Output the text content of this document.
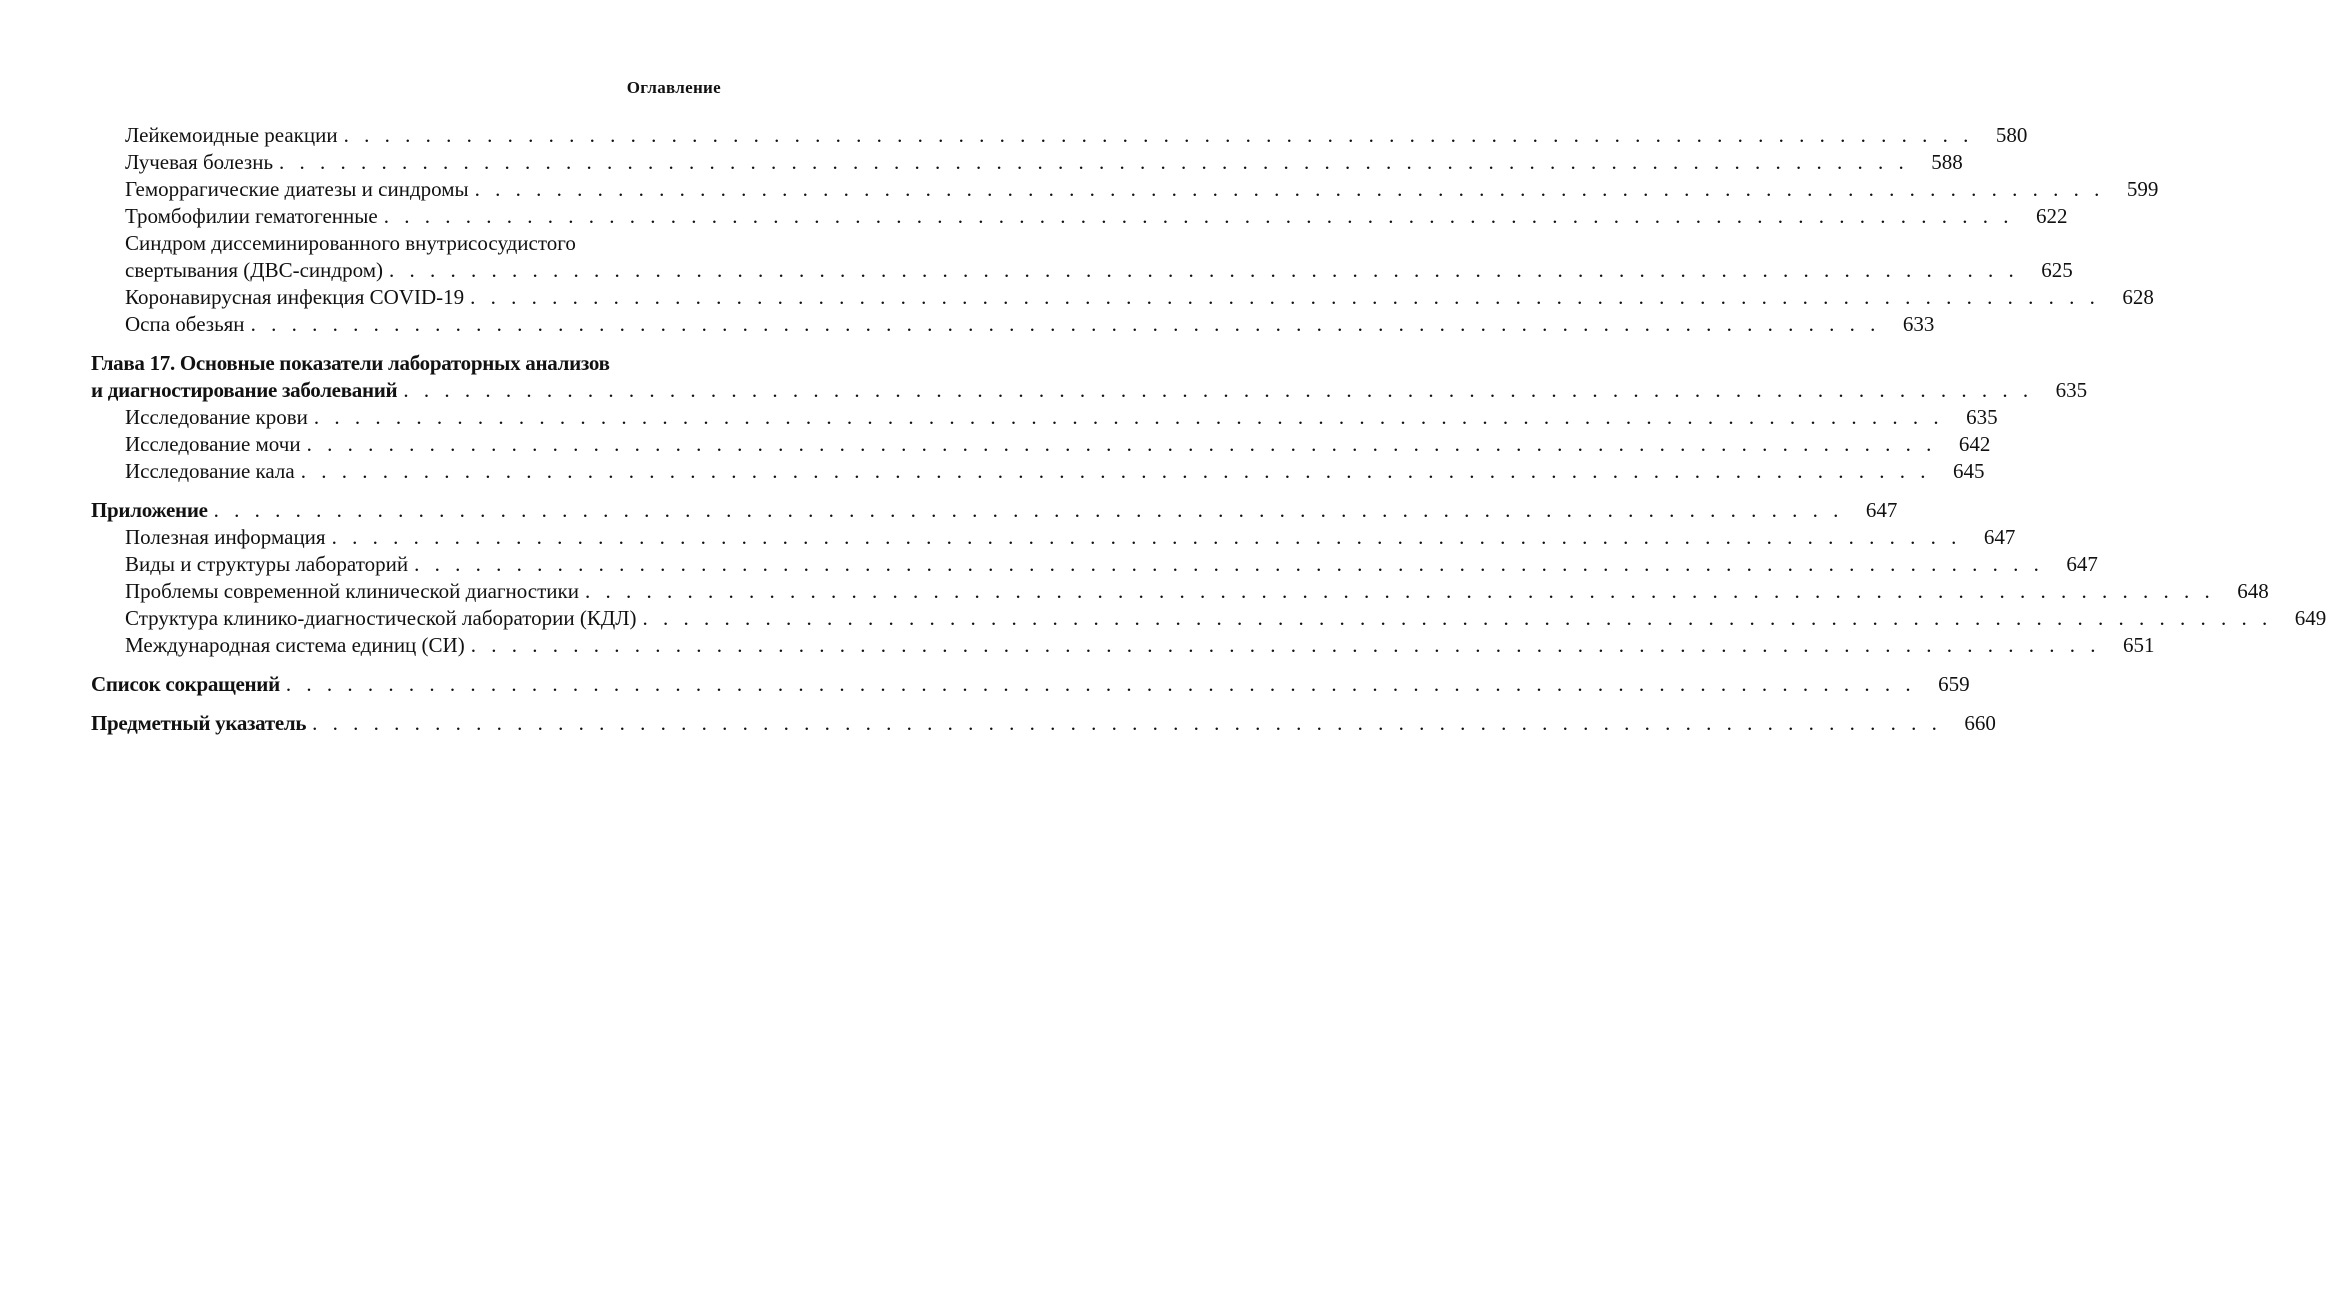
Оглавление
Лейкемоидные реакции . . . . . . . . . . . . . . . . . . . . . . . . . . . . . . . . . . . . . . . . . . . . . . . . . . . . . . . . . . . . . . . . . . . . . . . . . . . . . . . . 580
Лучевая болезнь . . . . . . . . . . . . . . . . . . . . . . . . . . . . . . . . . . . . . . . . . . . . . . . . . . . . . . . . . . . . . . . . . . . . . . . . . . . . . . . . 588
Геморрагические диатезы и синдромы . . . . . . . . . . . . . . . . . . . . . . . . . . . . . . . . . . . . . . . . . . . . . . . . . . . . . . . . . . . . . . . . . . . . . . . . . . . . . . . . 599
Тромбофилии гематогенные . . . . . . . . . . . . . . . . . . . . . . . . . . . . . . . . . . . . . . . . . . . . . . . . . . . . . . . . . . . . . . . . . . . . . . . . . . . . . . . . 622
Синдром диссеминированного внутрисосудистого
свертывания (ДВС-синдром) . . . . . . . . . . . . . . . . . . . . . . . . . . . . . . . . . . . . . . . . . . . . . . . . . . . . . . . . . . . . . . . . . . . . . . . . . . . . . . . . 625
Коронавирусная инфекция COVID-19 . . . . . . . . . . . . . . . . . . . . . . . . . . . . . . . . . . . . . . . . . . . . . . . . . . . . . . . . . . . . . . . . . . . . . . . . . . . . . . . . 628
Оспа обезьян . . . . . . . . . . . . . . . . . . . . . . . . . . . . . . . . . . . . . . . . . . . . . . . . . . . . . . . . . . . . . . . . . . . . . . . . . . . . . . . . 633
Глава 17. Основные показатели лабораторных анализов
и диагностирование заболеваний . . . . . . . . . . . . . . . . . . . . . . . . . . . . . . . . . . . . . . . . . . . . . . . . . . . . . . . . . . . . . . . . . . . . . . . . . . . . . . . . 635
Исследование крови . . . . . . . . . . . . . . . . . . . . . . . . . . . . . . . . . . . . . . . . . . . . . . . . . . . . . . . . . . . . . . . . . . . . . . . . . . . . . . . . 635
Исследование мочи . . . . . . . . . . . . . . . . . . . . . . . . . . . . . . . . . . . . . . . . . . . . . . . . . . . . . . . . . . . . . . . . . . . . . . . . . . . . . . . . 642
Исследование кала . . . . . . . . . . . . . . . . . . . . . . . . . . . . . . . . . . . . . . . . . . . . . . . . . . . . . . . . . . . . . . . . . . . . . . . . . . . . . . . . 645
Приложение . . . . . . . . . . . . . . . . . . . . . . . . . . . . . . . . . . . . . . . . . . . . . . . . . . . . . . . . . . . . . . . . . . . . . . . . . . . . . . . . 647
Полезная информация . . . . . . . . . . . . . . . . . . . . . . . . . . . . . . . . . . . . . . . . . . . . . . . . . . . . . . . . . . . . . . . . . . . . . . . . . . . . . . . . 647
Виды и структуры лабораторий . . . . . . . . . . . . . . . . . . . . . . . . . . . . . . . . . . . . . . . . . . . . . . . . . . . . . . . . . . . . . . . . . . . . . . . . . . . . . . . . 647
Проблемы современной клинической диагностики . . . . . . . . . . . . . . . . . . . . . . . . . . . . . . . . . . . . . . . . . . . . . . . . . . . . . . . . . . . . . . . . . . . . . . . . . . . . . . . . 648
Структура клинико-диагностической лаборатории (КДЛ) . . . . . . . . . . . . . . . . . . . . . . . . . . . . . . . . . . . . . . . . . . . . . . . . . . . . . . . . . . . . . . . . . . . . . . . . . . . . . . . . 649
Международная система единиц (СИ) . . . . . . . . . . . . . . . . . . . . . . . . . . . . . . . . . . . . . . . . . . . . . . . . . . . . . . . . . . . . . . . . . . . . . . . . . . . . . . . . 651
Список сокращений . . . . . . . . . . . . . . . . . . . . . . . . . . . . . . . . . . . . . . . . . . . . . . . . . . . . . . . . . . . . . . . . . . . . . . . . . . . . . . . . 659
Предметный указатель . . . . . . . . . . . . . . . . . . . . . . . . . . . . . . . . . . . . . . . . . . . . . . . . . . . . . . . . . . . . . . . . . . . . . . . . . . . . . . . . 660
